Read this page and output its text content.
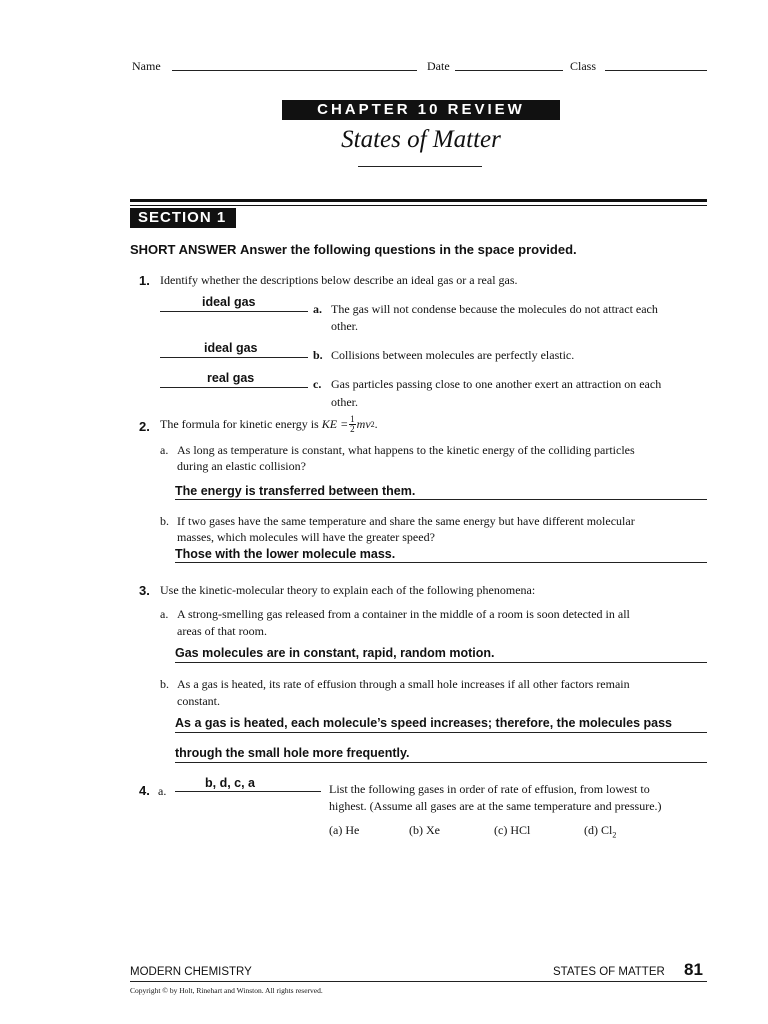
Name	Date	Class
CHAPTER 10 REVIEW
States of Matter
SECTION 1
SHORT ANSWER Answer the following questions in the space provided.
1. Identify whether the descriptions below describe an ideal gas or a real gas.
ideal gas	a. The gas will not condense because the molecules do not attract each
other.
ideal gas	b. Collisions between molecules are perfectly elastic.
real gas	c. Gas particles passing close to one another exert an attraction on each
other.
2. The formula for kinetic energy is
KE = $\frac{1}{2}$ mv 2 .
a. As long as temperature is constant, what happens to the kinetic energy of the colliding particles
during an elastic collision?
The energy is transferred between them.
b. If two gases have the same temperature and share the same energy but have different molecular
masses, which molecules will have the greater speed?
Those with the lower molecule mass.
3. Use the kinetic-molecular theory to explain each of the following phenomena:
a. A strong-smelling gas released from a container in the middle of a room is soon detected in all
areas of that room.
Gas molecules are in constant, rapid, random motion.
b. As a gas is heated, its rate of effusion through a small hole increases if all other factors remain
constant.
As a gas is heated, each molecule’s speed increases; therefore, the molecules pass
through the small hole more frequently.
4. a.
b, d, c, a	List the following gases in order of rate of effusion, from lowest to
highest. (Assume all gases are at the same temperature and pressure.)
(a) He	(b) Xe	(c) HCl	(d) $Cl_2$
MODERN CHEMISTRY	STATES OF MATTER 81
Copyright © by Holt, Rinehart and Winston. All rights reserved.
